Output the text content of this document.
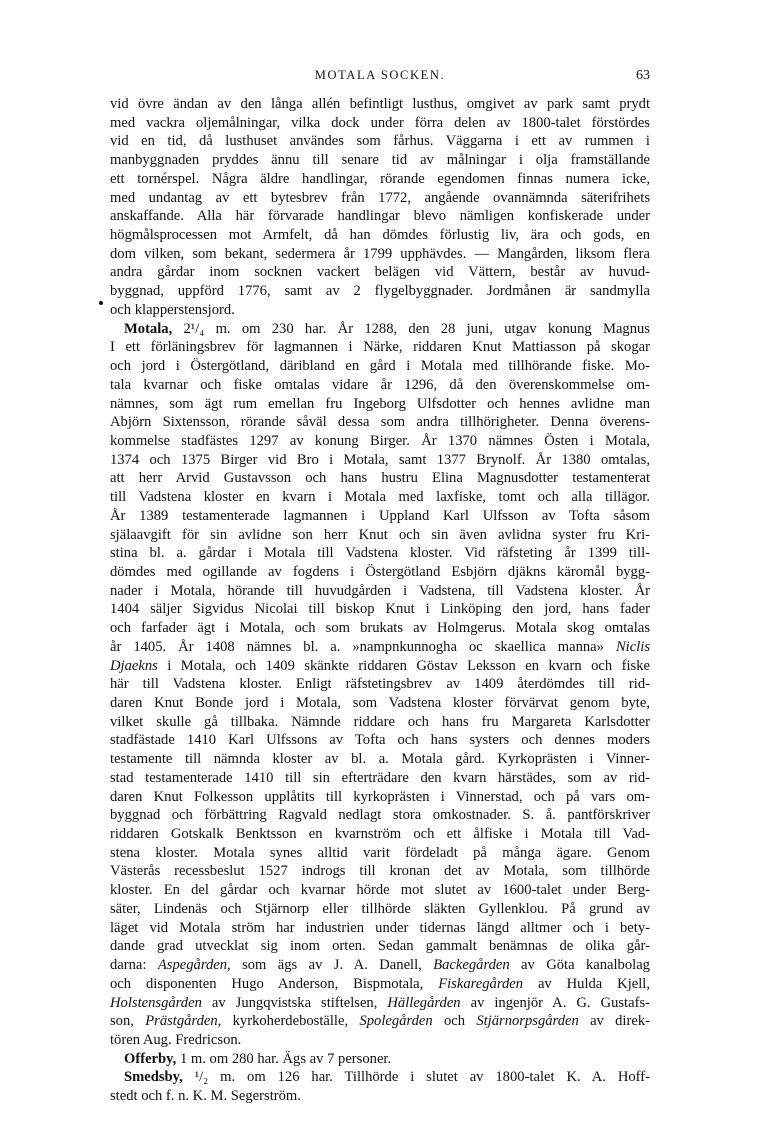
MOTALA SOCKEN.	63
vid övre ändan av den långa allén befintligt lusthus, omgivet av park samt prydt
med vackra oljemålningar, vilka dock under förra delen av 1800-talet förstördes
vid en tid, då lusthuset användes som fårhus. Väggarna i ett av rummen i
manbyggnaden pryddes ännu till senare tid av målningar i olja framställande
ett tornérspel. Några äldre handlingar, rörande egendomen finnas numera icke,
med undantag av ett bytesbrev från 1772, angående ovannämnda säterifrihets
anskaffande. Alla här förvarade handlingar blevo nämligen konfiskerade under
högmålsprocessen mot Armfelt, då han dömdes förlustig liv, ära och gods, en
dom vilken, som bekant, sedermera år 1799 upphävdes. — Mangården, liksom flera
andra gårdar inom socknen vackert belägen vid Vättern, består av huvud-
byggnad, uppförd 1776, samt av 2 flygelbyggnader. Jordmånen är sandmylla
och klapperstensjord.
Motala, 2¹/₄ m. om 230 har. År 1288, den 28 juni, utgav konung Magnus
I ett förläningsbrev för lagmannen i Närke, riddaren Knut Mattiasson på skogar
och jord i Östergötland, däribland en gård i Motala med tillhörande fiske. Mo-
tala kvarnar och fiske omtalas vidare år 1296, då den överenskommelse om-
nämnes, som ägt rum emellan fru Ingeborg Ulfsdotter och hennes avlidne man
Abjörn Sixtensson, rörande såväl dessa som andra tillhörigheter. Denna överens-
kommelse stadfästes 1297 av konung Birger. År 1370 nämnes Östen i Motala,
1374 och 1375 Birger vid Bro i Motala, samt 1377 Brynolf. År 1380 omtalas,
att herr Arvid Gustavsson och hans hustru Elina Magnusdotter testamenterat
till Vadstena kloster en kvarn i Motala med laxfiske, tomt och alla tillägor.
År 1389 testamenterade lagmannen i Uppland Karl Ulfsson av Tofta såsom
själaavgift för sin avlidne son herr Knut och sin även avlidna syster fru Kri-
stina bl. a. gårdar i Motala till Vadstena kloster. Vid räfsteting år 1399 till-
dömdes med ogillande av fogdens i Östergötland Esbjörn djäkns käromål bygg-
nader i Motala, hörande till huvudgården i Vadstena, till Vadstena kloster. År
1404 säljer Sigvidus Nicolai till biskop Knut i Linköping den jord, hans fader
och farfader ägt i Motala, och som brukats av Holmgerus. Motala skog omtalas
år 1405. År 1408 nämnes bl. a. »nampnkunnogha oc skaellica manna» Niclis
Djaekns i Motala, och 1409 skänkte riddaren Göstav Leksson en kvarn och fiske
här till Vadstena kloster. Enligt räfstetingsbrev av 1409 återdömdes till rid-
daren Knut Bonde jord i Motala, som Vadstena kloster förvärvat genom byte,
vilket skulle gå tillbaka. Nämnde riddare och hans fru Margareta Karlsdotter
stadfästade 1410 Karl Ulfssons av Tofta och hans systers och dennes moders
testamente till nämnda kloster av bl. a. Motala gård. Kyrkoprästen i Vinner-
stad testamenterade 1410 till sin efterträdare den kvarn härstädes, som av rid-
daren Knut Folkesson upplåtits till kyrkoprästen i Vinnerstad, och på vars om-
byggnad och förbättring Ragvald nedlagt stora omkostnader. S. å. pantförskriver
riddaren Gotskalk Benktsson en kvarnström och ett ålfiske i Motala till Vad-
stena kloster. Motala synes alltid varit fördeladt på många ägare. Genom
Västerås recessbeslut 1527 indrogs till kronan det av Motala, som tillhörde
kloster. En del gårdar och kvarnar hörde mot slutet av 1600-talet under Berg-
säter, Lindenäs och Stjärnorp eller tillhörde släkten Gyllenklou. På grund av
läget vid Motala ström har industrien under tidernas längd alltmer och i bety-
dande grad utvecklat sig inom orten. Sedan gammalt benämnas de olika går-
darna: Aspegården, som ägs av J. A. Danell, Backegården av Göta kanalbolag
och disponenten Hugo Anderson, Bispmotala, Fiskaregården av Hulda Kjell,
Holstensgården av Jungqvistska stiftelsen, Hällegården av ingenjör A. G. Gustafs-
son, Prästgården, kyrkoherdeboställe, Spolegården och Stjärnorpsgården av direk-
tören Aug. Fredricson.
Offerby, 1 m. om 280 har. Ägs av 7 personer.
Smedsby, ¹/₂ m. om 126 har. Tillhörde i slutet av 1800-talet K. A. Hoff-
stedt och f. n. K. M. Segerström.
